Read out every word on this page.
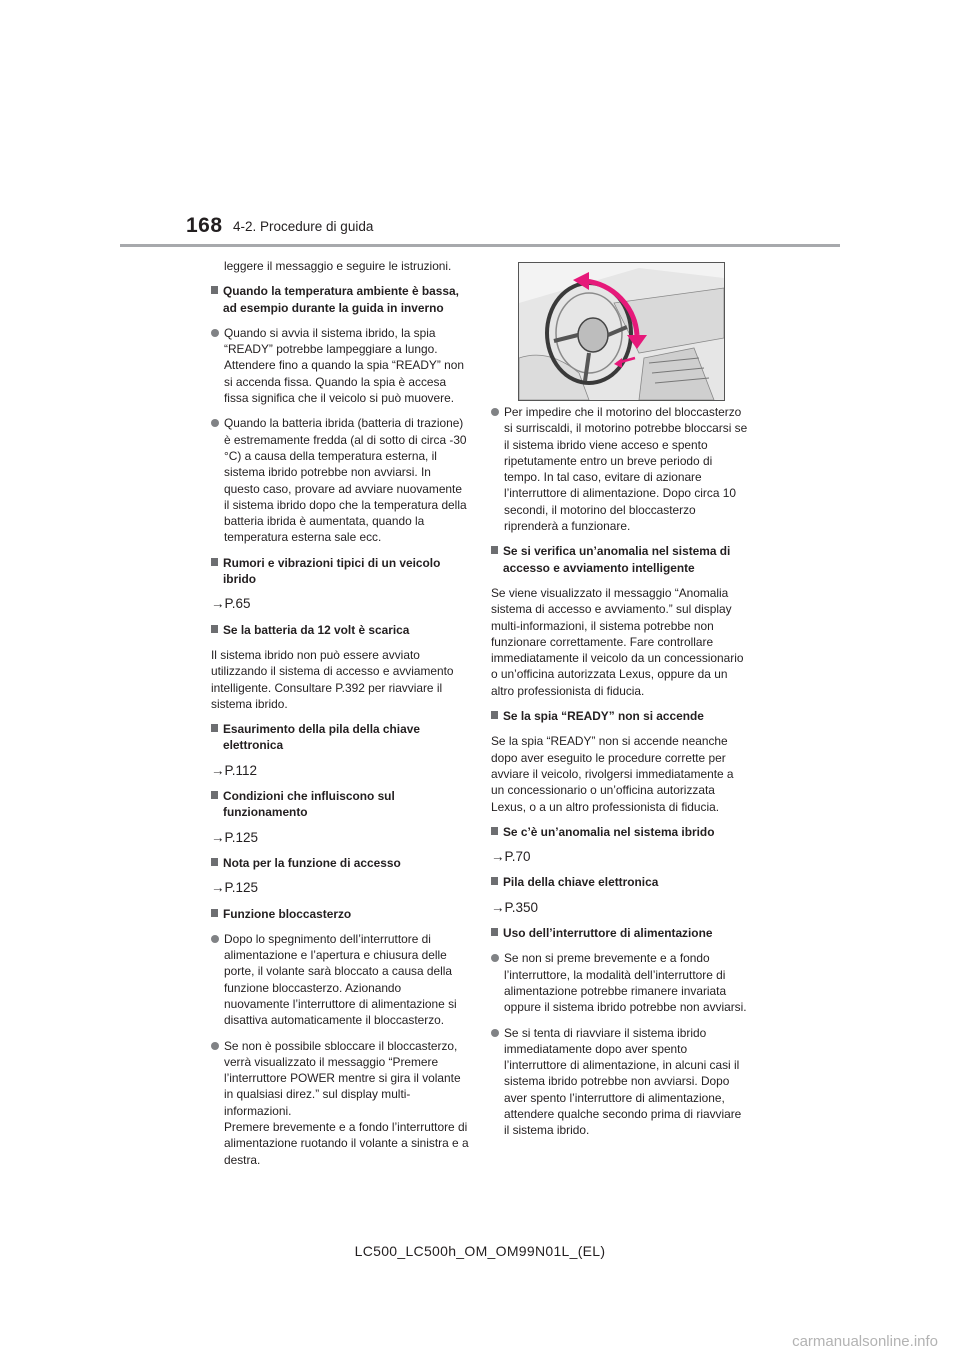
168 4-2. Procedure di guida

leggere il messaggio e seguire le istruzioni.

Quando la temperatura ambiente è bassa, ad esempio durante la guida in inverno
Quando si avvia il sistema ibrido, la spia “READY” potrebbe lampeggiare a lungo. Attendere fino a quando la spia “READY” non si accenda fissa. Quando la spia è accesa fissa significa che il veicolo si può muovere.
Quando la batteria ibrida (batteria di trazione) è estremamente fredda (al di sotto di circa -30 °C) a causa della temperatura esterna, il sistema ibrido potrebbe non avviarsi. In questo caso, provare ad avviare nuovamente il sistema ibrido dopo che la temperatura della batteria ibrida è aumentata, quando la temperatura esterna sale ecc.
Rumori e vibrazioni tipici di un veicolo ibrido

→P.65

Se la batteria da 12 volt è scarica

Il sistema ibrido non può essere avviato utilizzando il sistema di accesso e avviamento intelligente. Consultare P.392 per riavviare il sistema ibrido.

Esaurimento della pila della chiave elettronica

→P.112

Condizioni che influiscono sul funzionamento

→P.125

Nota per la funzione di accesso

→P.125

Funzione bloccasterzo
Dopo lo spegnimento dell’interruttore di alimentazione e l’apertura e chiusura delle porte, il volante sarà bloccato a causa della funzione bloccasterzo. Azionando nuovamente l’interruttore di alimentazione si disattiva automaticamente il bloccasterzo.
Se non è possibile sbloccare il bloccasterzo, verrà visualizzato il messaggio “Premere l’interruttore POWER mentre si gira il volante in qualsiasi direz.” sul display multi-informazioni.
Premere brevemente e a fondo l’interruttore di alimentazione ruotando il volante a sinistra e a destra.
Per impedire che il motorino del bloccasterzo si surriscaldi, il motorino potrebbe bloccarsi se il sistema ibrido viene acceso e spento ripetutamente entro un breve periodo di tempo. In tal caso, evitare di azionare l’interruttore di alimentazione. Dopo circa 10 secondi, il motorino del bloccasterzo riprenderà a funzionare.
Se si verifica un’anomalia nel sistema di accesso e avviamento intelligente

Se viene visualizzato il messaggio “Anomalia sistema di accesso e avviamento.” sul display multi-informazioni, il sistema potrebbe non funzionare correttamente. Fare controllare immediatamente il veicolo da un concessionario o un’officina autorizzata Lexus, oppure da un altro professionista di fiducia.

Se la spia “READY” non si accende

Se la spia “READY” non si accende neanche dopo aver eseguito le procedure corrette per avviare il veicolo, rivolgersi immediatamente a un concessionario o un’officina autorizzata Lexus, o a un altro professionista di fiducia.

Se c’è un’anomalia nel sistema ibrido

→P.70

Pila della chiave elettronica

→P.350

Uso dell’interruttore di alimentazione
Se non si preme brevemente e a fondo l’interruttore, la modalità dell’interruttore di alimentazione potrebbe rimanere invariata oppure il sistema ibrido potrebbe non avviarsi.
Se si tenta di riavviare il sistema ibrido immediatamente dopo aver spento l’interruttore di alimentazione, in alcuni casi il sistema ibrido potrebbe non avviarsi. Dopo aver spento l’interruttore di alimentazione, attendere qualche secondo prima di riavviare il sistema ibrido.
LC500_LC500h_OM_OM99N01L_(EL)
carmanualsonline.info
